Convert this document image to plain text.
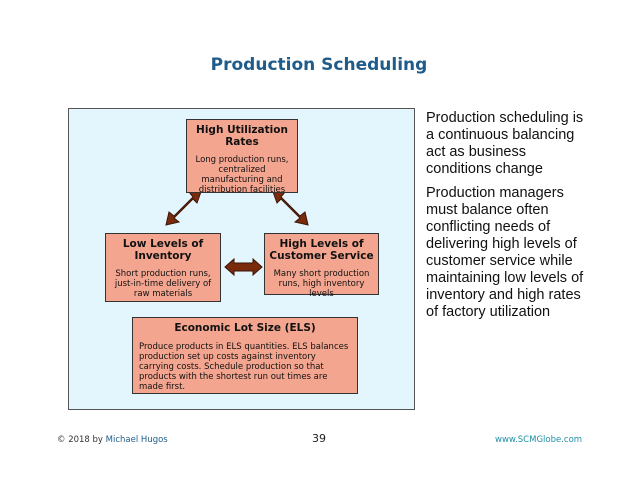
Production Scheduling
High Utilization Rates
Long production runs, centralized manufacturing and distribution facilities
Low Levels of Inventory
Short production runs, just-in-time delivery of raw materials
High Levels of Customer Service
Many short production runs, high inventory levels
Economic Lot Size (ELS)
Produce products in ELS quantities. ELS balances production set up costs against inventory carrying costs. Schedule production so that products with the shortest run out times are made first.

Production scheduling is a continuous balancing act as business conditions change

Production managers must balance often conflicting needs of delivering high levels of customer service while maintaining low levels of inventory and high rates of factory utilization

© 2018 by Michael Hugos	39	www.SCMGlobe.com
